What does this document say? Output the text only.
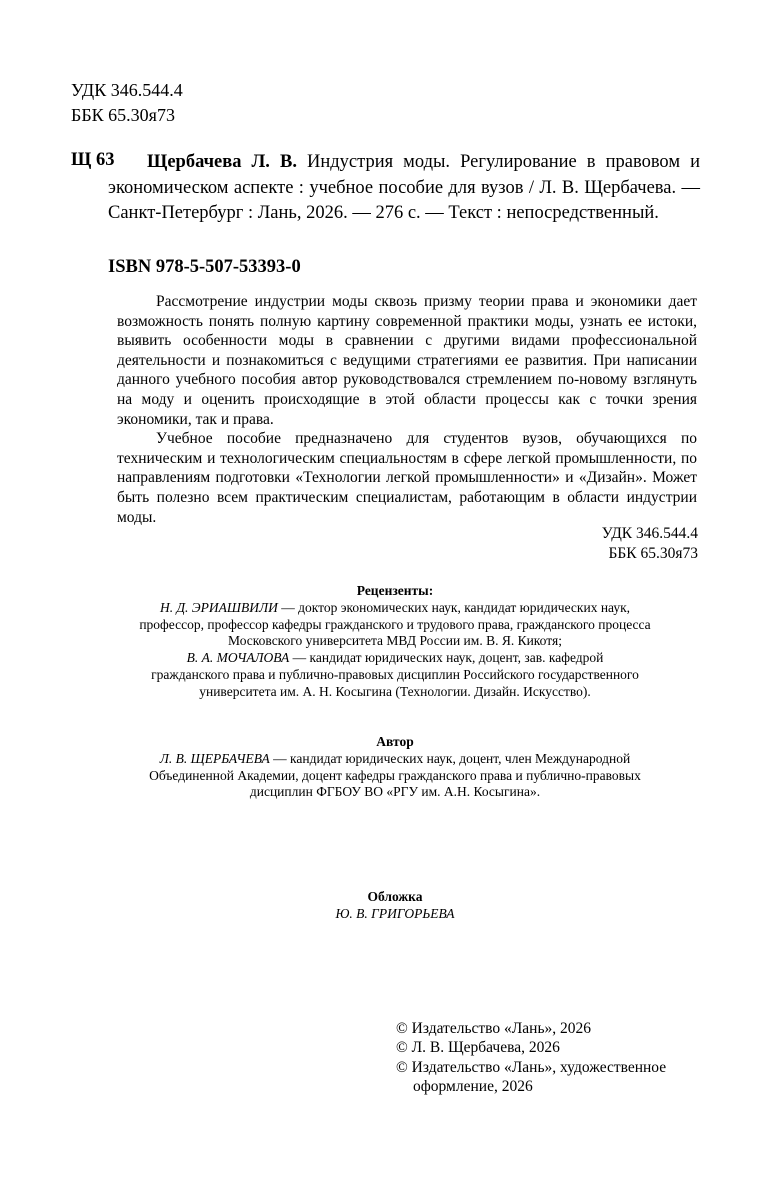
УДК 346.544.4
ББК 65.30я73
Щ 63	Щербачева Л. В. Индустрия моды. Регулирование в правовом и экономическом аспекте : учебное пособие для вузов / Л. В. Щербачева. — Санкт-Петербург : Лань, 2026. — 276 с. — Текст : непосредственный.
ISBN 978-5-507-53393-0

Рассмотрение индустрии моды сквозь призму теории права и экономики дает возможность понять полную картину современной практики моды, узнать ее истоки, выявить особенности моды в сравнении с другими видами профессиональной деятельности и познакомиться с ведущими стратегиями ее развития. При написании данного учебного пособия автор руководствовался стремлением по-новому взглянуть на моду и оценить происходящие в этой области процессы как с точки зрения экономики, так и права.

Учебное пособие предназначено для студентов вузов, обучающихся по техническим и технологическим специальностям в сфере легкой промышленности, по направлениям подготовки «Технологии легкой промышленности» и «Дизайн». Может быть полезно всем практическим специалистам, работающим в области индустрии моды.

УДК 346.544.4
ББК 65.30я73
Рецензенты:
Н. Д. ЭРИАШВИЛИ — доктор экономических наук, кандидат юридических наук,
профессор, профессор кафедры гражданского и трудового права, гражданского процесса
Московского университета МВД России им. В. Я. Кикотя;
В. А. МОЧАЛОВА — кандидат юридических наук, доцент, зав. кафедрой
гражданского права и публично-правовых дисциплин Российского государственного
университета им. А. Н. Косыгина (Технологии. Дизайн. Искусство).
Автор
Л. В. ЩЕРБАЧЕВА — кандидат юридических наук, доцент, член Международной
Объединенной Академии, доцент кафедры гражданского права и публично-правовых
дисциплин ФГБОУ ВО «РГУ им. А.Н. Косыгина».
Обложка
Ю. В. ГРИГОРЬЕВА
© Издательство «Лань», 2026
© Л. В. Щербачева, 2026
© Издательство «Лань», художественное
оформление, 2026
